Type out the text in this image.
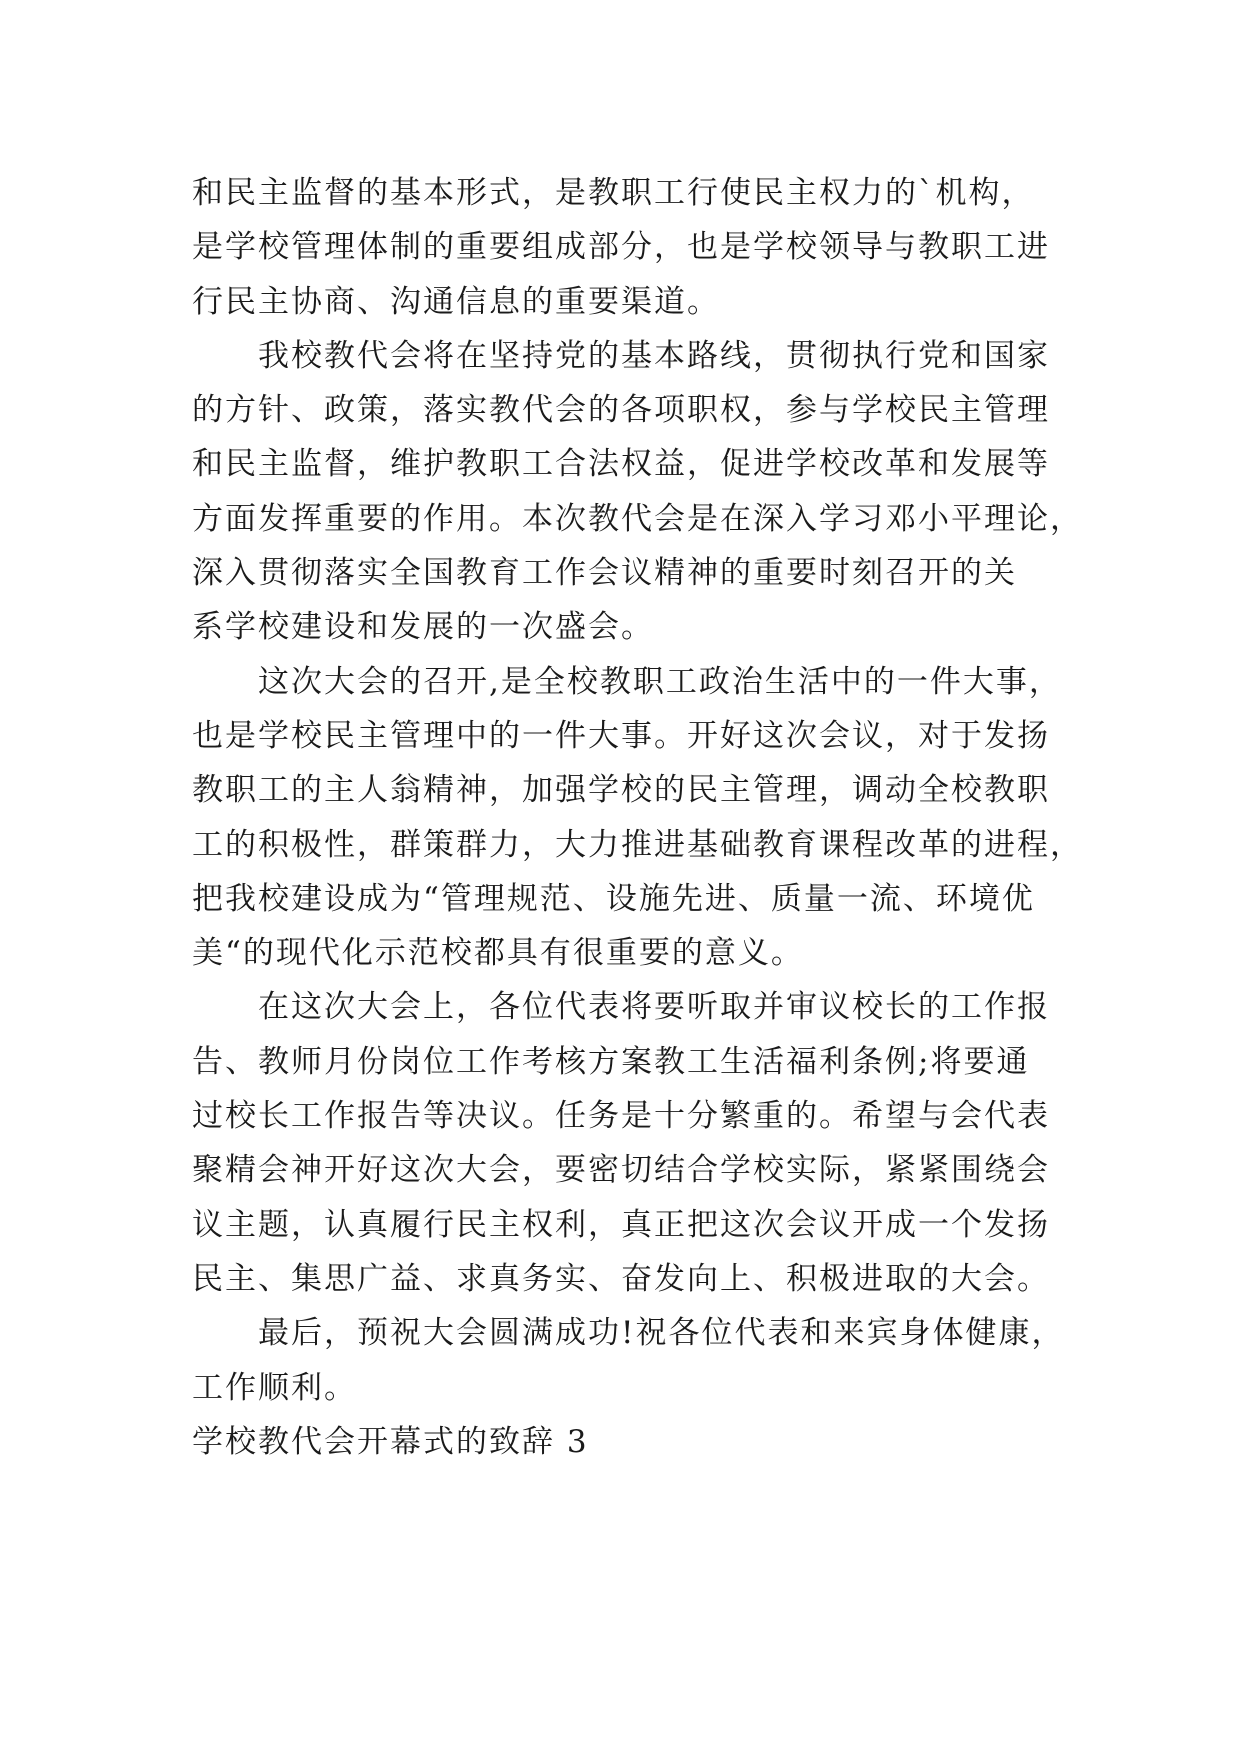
和民主监督的基本形式，是教职工行使民主权力的`机构，
是学校管理体制的重要组成部分，也是学校领导与教职工进
行民主协商、沟通信息的重要渠道。

我校教代会将在坚持党的基本路线，贯彻执行党和国家
的方针、政策，落实教代会的各项职权，参与学校民主管理
和民主监督，维护教职工合法权益，促进学校改革和发展等
方面发挥重要的作用。本次教代会是在深入学习邓小平理论，
深入贯彻落实全国教育工作会议精神的重要时刻召开的关
系学校建设和发展的一次盛会。

这次大会的召开,是全校教职工政治生活中的一件大事，
也是学校民主管理中的一件大事。开好这次会议，对于发扬
教职工的主人翁精神，加强学校的民主管理，调动全校教职
工的积极性，群策群力，大力推进基础教育课程改革的进程，
把我校建设成为“管理规范、设施先进、质量一流、环境优
美“的现代化示范校都具有很重要的意义。

在这次大会上，各位代表将要听取并审议校长的工作报
告、教师月份岗位工作考核方案教工生活福利条例;将要通
过校长工作报告等决议。任务是十分繁重的。希望与会代表
聚精会神开好这次大会，要密切结合学校实际，紧紧围绕会
议主题，认真履行民主权利，真正把这次会议开成一个发扬
民主、集思广益、求真务实、奋发向上、积极进取的大会。

最后，预祝大会圆满成功!祝各位代表和来宾身体健康，
工作顺利。

学校教代会开幕式的致辞 3
